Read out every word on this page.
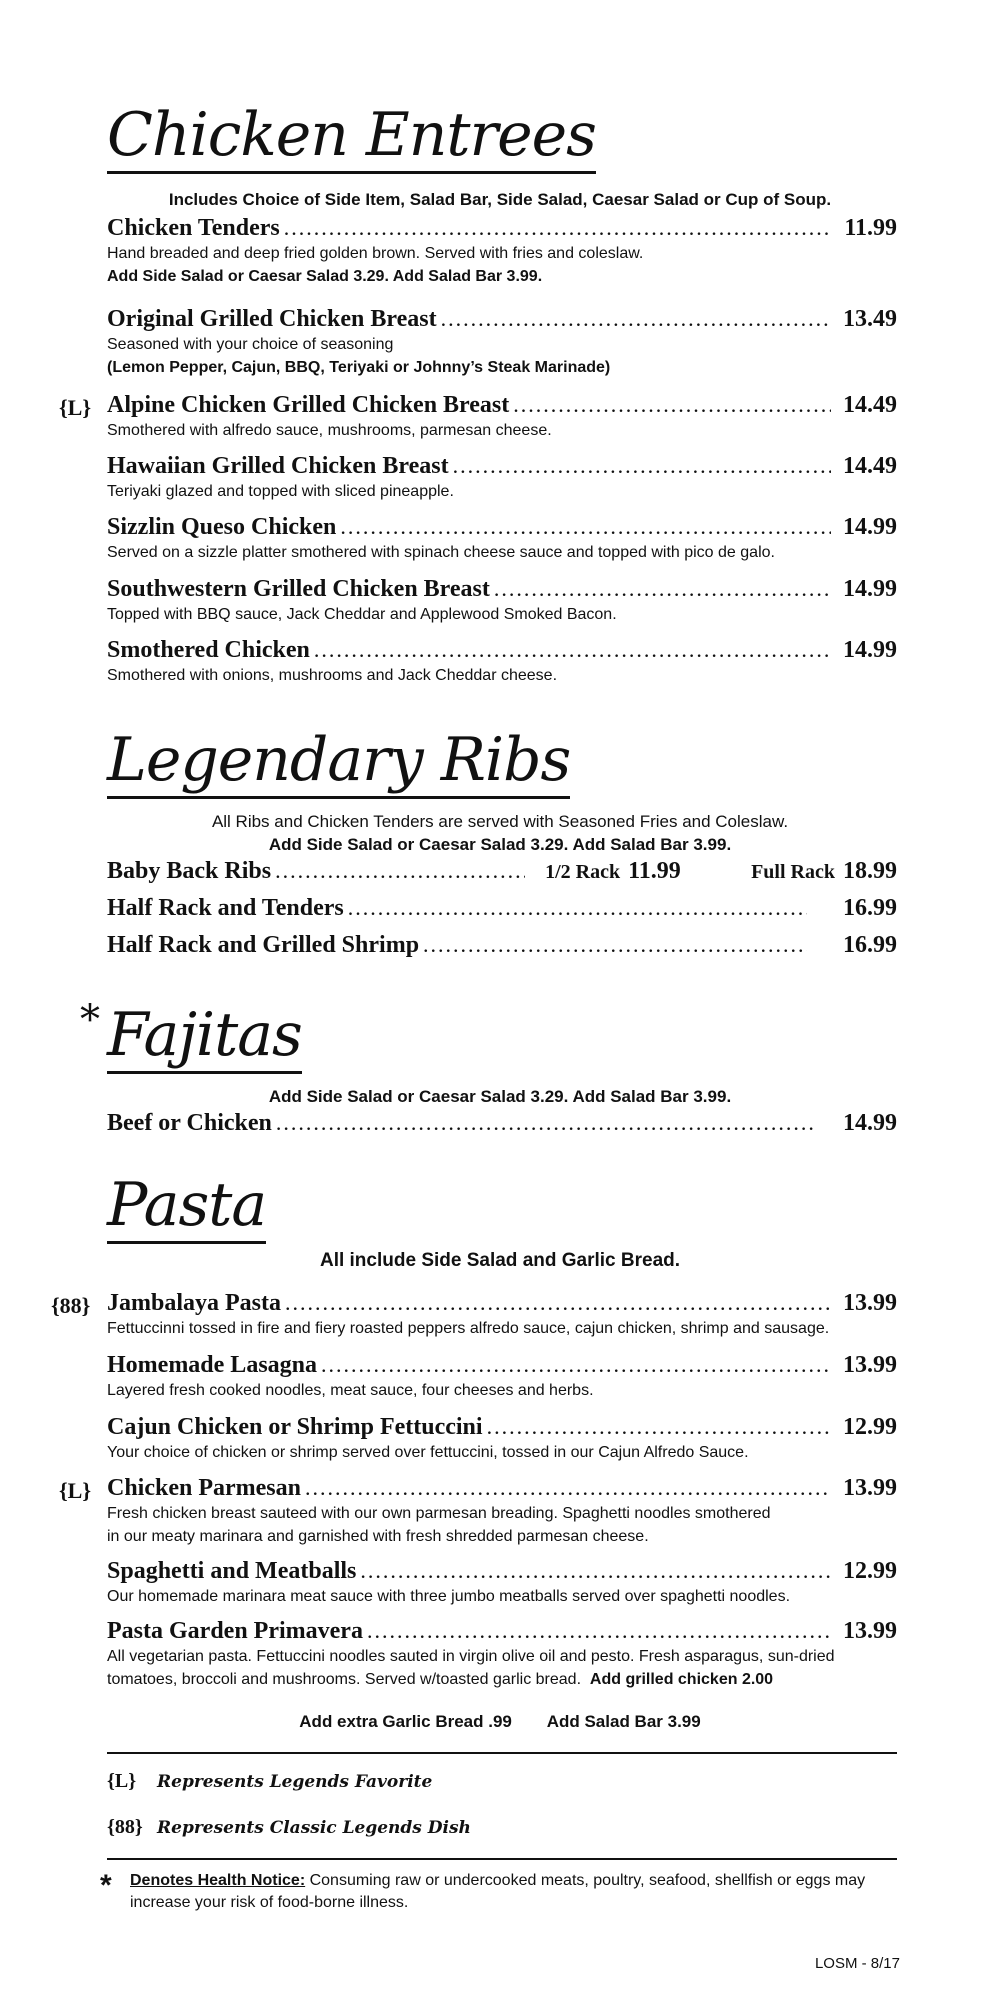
Chicken Entrees
Includes Choice of Side Item, Salad Bar, Side Salad, Caesar Salad or Cup of Soup.
Chicken Tenders .....	11.99
Hand breaded and deep fried golden brown. Served with fries and coleslaw.
Add Side Salad or Caesar Salad 3.29. Add Salad Bar 3.99.
Original Grilled Chicken Breast .....	13.49
Seasoned with your choice of seasoning
(Lemon Pepper, Cajun, BBQ, Teriyaki or Johnny’s Steak Marinade)
{L} Alpine Chicken Grilled Chicken Breast .....	14.49
Smothered with alfredo sauce, mushrooms, parmesan cheese.
Hawaiian Grilled Chicken Breast .....	14.49
Teriyaki glazed and topped with sliced pineapple.
Sizzlin Queso Chicken .....	14.99
Served on a sizzle platter smothered with spinach cheese sauce and topped with pico de galo.
Southwestern Grilled Chicken Breast .....	14.99
Topped with BBQ sauce, Jack Cheddar and Applewood Smoked Bacon.
Smothered Chicken .....	14.99
Smothered with onions, mushrooms and Jack Cheddar cheese.
Legendary Ribs
All Ribs and Chicken Tenders are served with Seasoned Fries and Coleslaw.
Add Side Salad or Caesar Salad 3.29. Add Salad Bar 3.99.
Baby Back Ribs .....	1/2 Rack 11.99	Full Rack 18.99
Half Rack and Tenders .....	16.99
Half Rack and Grilled Shrimp .....	16.99
* Fajitas
Add Side Salad or Caesar Salad 3.29. Add Salad Bar 3.99.
Beef or Chicken .....	14.99
Pasta
All include Side Salad and Garlic Bread.
{88} Jambalaya Pasta .....	13.99
Fettuccinni tossed in fire and fiery roasted peppers alfredo sauce, cajun chicken, shrimp and sausage.
Homemade Lasagna .....	13.99
Layered fresh cooked noodles, meat sauce, four cheeses and herbs.
Cajun Chicken or Shrimp Fettuccini .....	12.99
Your choice of chicken or shrimp served over fettuccini, tossed in our Cajun Alfredo Sauce.
{L} Chicken Parmesan .....	13.99
Fresh chicken breast sauteed with our own parmesan breading. Spaghetti noodles smothered
in our meaty marinara and garnished with fresh shredded parmesan cheese.
Spaghetti and Meatballs .....	12.99
Our homemade marinara meat sauce with three jumbo meatballs served over spaghetti noodles.
Pasta Garden Primavera .....	13.99
All vegetarian pasta. Fettuccini noodles sauted in virgin olive oil and pesto. Fresh asparagus, sun-dried
tomatoes, broccoli and mushrooms. Served w/toasted garlic bread. Add grilled chicken 2.00
Add extra Garlic Bread .99 Add Salad Bar 3.99
{L}	Represents Legends Favorite
{88} Represents Classic Legends Dish
* Denotes Health Notice: Consuming raw or undercooked meats, poultry, seafood, shellfish or eggs may increase your risk of food-borne illness.
LOSM - 8/17
